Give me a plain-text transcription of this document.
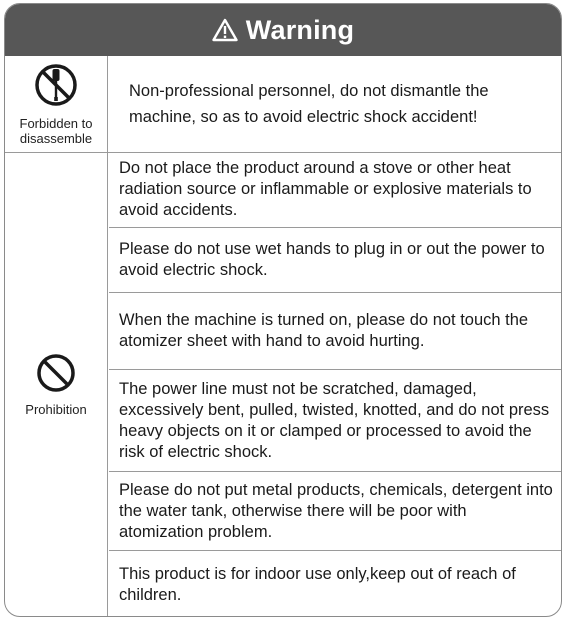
Warning
Forbidden to disassemble
Non-professional personnel, do not dismantle the machine, so as to avoid electric shock accident!
Prohibition
Do not place the product around a stove or other heat radiation source or inflammable or explosive materials to avoid accidents.
Please do not use wet hands to plug in or out the power to avoid electric shock.
When the machine is turned on, please do not touch the atomizer sheet with hand to avoid hurting.
The power line must not be scratched, damaged, excessively bent, pulled, twisted, knotted, and do not press heavy objects on it or clamped or processed to avoid the risk of electric shock.
Please do not put metal products, chemicals, detergent into the water tank, otherwise there will be poor with atomization problem.
This product is for indoor use only,keep out of reach of children.
